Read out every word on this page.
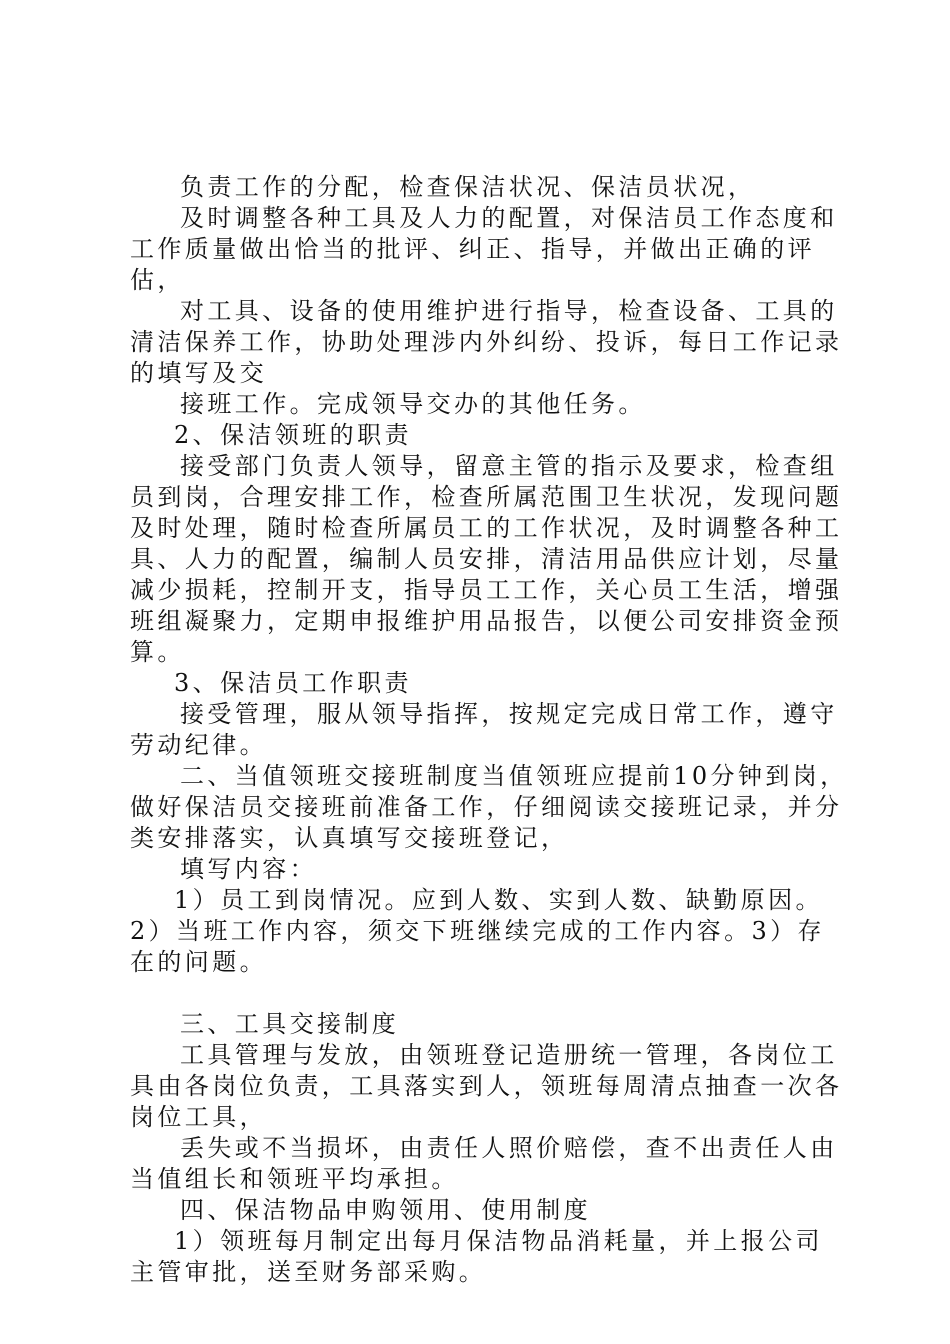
负责工作的分配，检查保洁状况、保洁员状况，

及时调整各种工具及人力的配置，对保洁员工作态度和工作质量做出恰当的批评、纠正、指导，并做出正确的评估，

对工具、设备的使用维护进行指导，检查设备、工具的清洁保养工作，协助处理涉内外纠纷、投诉，每日工作记录的填写及交

接班工作。完成领导交办的其他任务。

2、保洁领班的职责

接受部门负责人领导，留意主管的指示及要求，检查组员到岗，合理安排工作，检查所属范围卫生状况，发现问题及时处理，随时检查所属员工的工作状况，及时调整各种工具、人力的配置，编制人员安排，清洁用品供应计划，尽量减少损耗，控制开支，指导员工工作，关心员工生活，增强班组凝聚力，定期申报维护用品报告，以便公司安排资金预算。

3、保洁员工作职责

接受管理，服从领导指挥，按规定完成日常工作，遵守劳动纪律。

二、当值领班交接班制度当值领班应提前10分钟到岗，做好保洁员交接班前准备工作，仔细阅读交接班记录，并分类安排落实，认真填写交接班登记，

填写内容：

1）员工到岗情况。应到人数、实到人数、缺勤原因。2）当班工作内容，须交下班继续完成的工作内容。3）存在的问题。

三、工具交接制度

工具管理与发放，由领班登记造册统一管理，各岗位工具由各岗位负责，工具落实到人，领班每周清点抽查一次各岗位工具，

丢失或不当损坏，由责任人照价赔偿，查不出责任人由当值组长和领班平均承担。

四、保洁物品申购领用、使用制度

1）领班每月制定出每月保洁物品消耗量，并上报公司主管审批，送至财务部采购。
